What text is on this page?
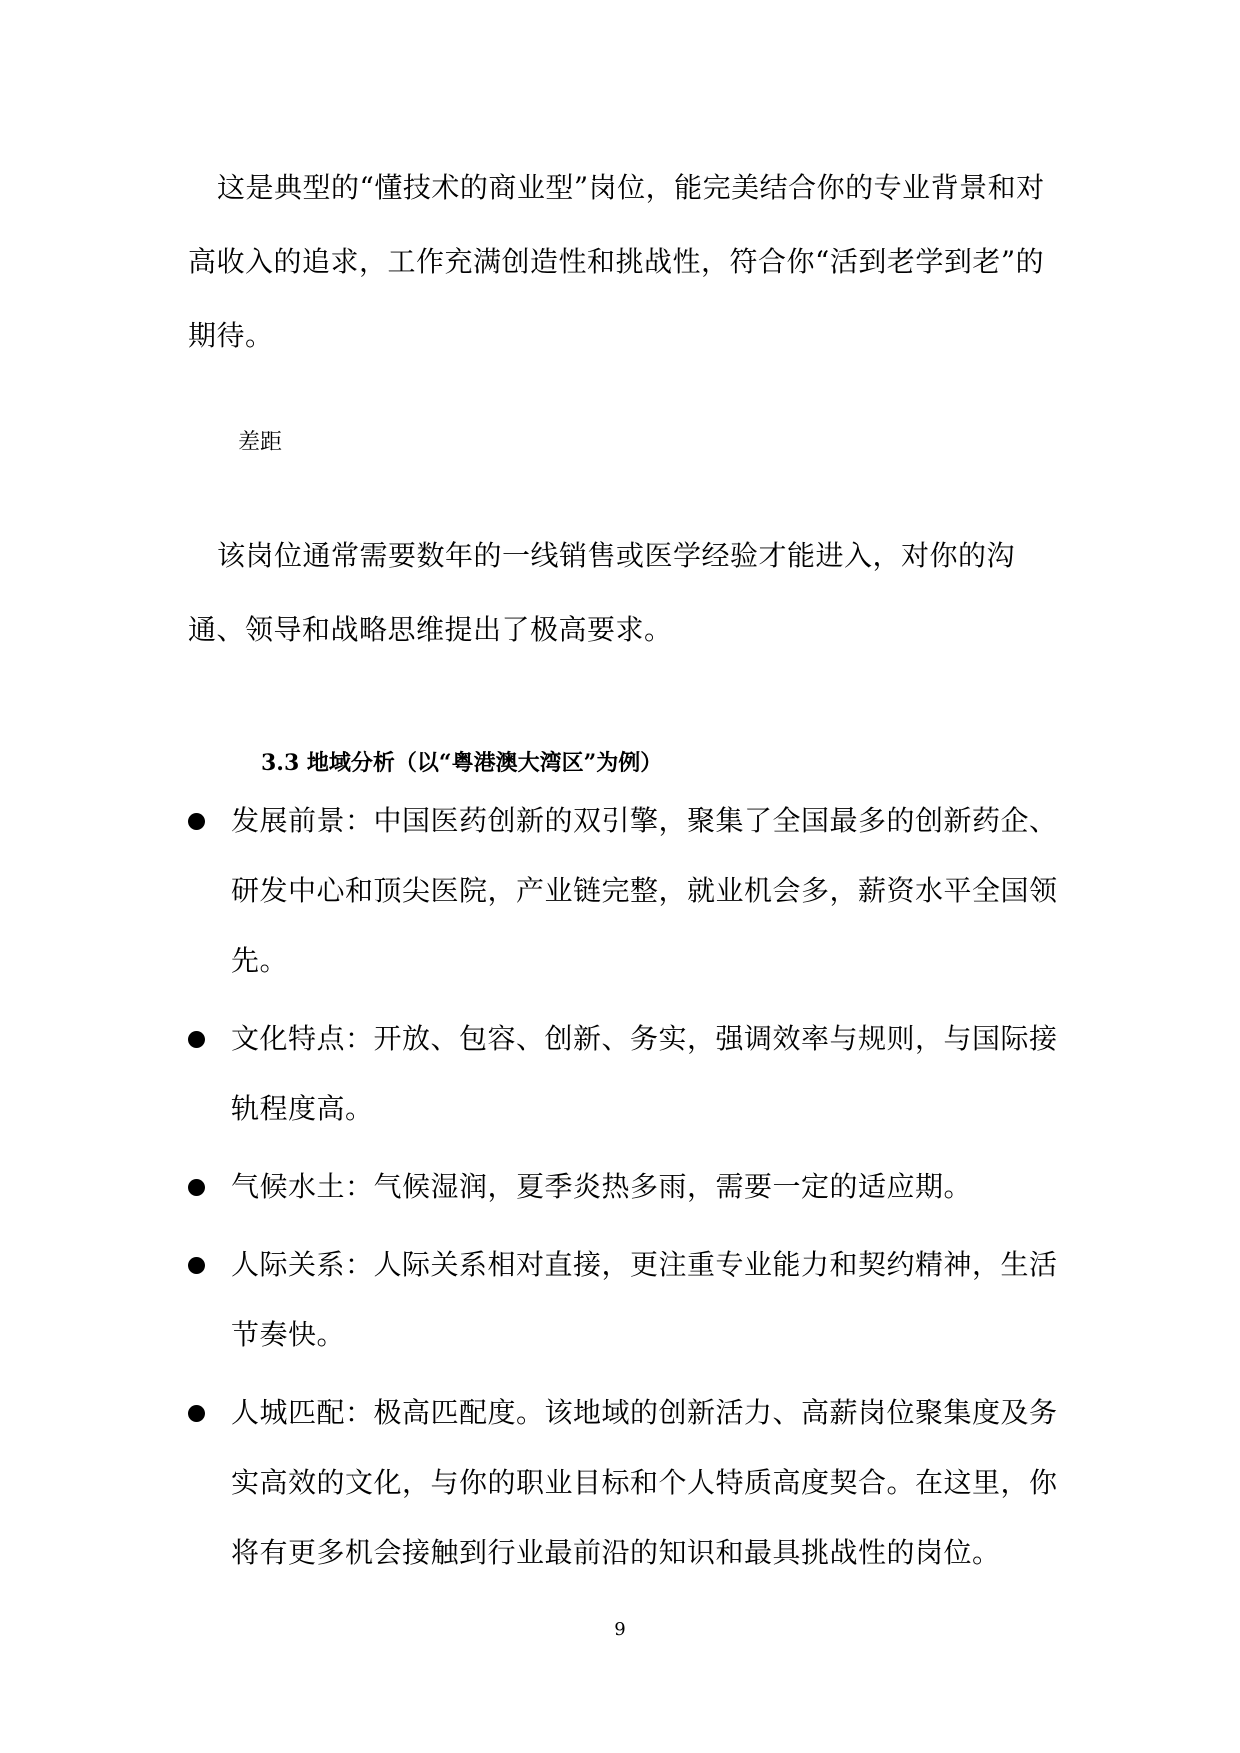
这是典型的“懂技术的商业型”岗位，能完美结合你的专业背景和对高收入的追求，工作充满创造性和挑战性，符合你“活到老学到老”的期待。

差距

该岗位通常需要数年的一线销售或医学经验才能进入，对你的沟通、领导和战略思维提出了极高要求。

3.3 地域分析（以“粤港澳大湾区”为例）
发展前景：中国医药创新的双引擎，聚集了全国最多的创新药企、研发中心和顶尖医院，产业链完整，就业机会多，薪资水平全国领先。
文化特点：开放、包容、创新、务实，强调效率与规则，与国际接轨程度高。
气候水土：气候湿润，夏季炎热多雨，需要一定的适应期。
人际关系：人际关系相对直接，更注重专业能力和契约精神，生活节奏快。
人城匹配：极高匹配度。该地域的创新活力、高薪岗位聚集度及务实高效的文化，与你的职业目标和个人特质高度契合。在这里，你将有更多机会接触到行业最前沿的知识和最具挑战性的岗位。
9
